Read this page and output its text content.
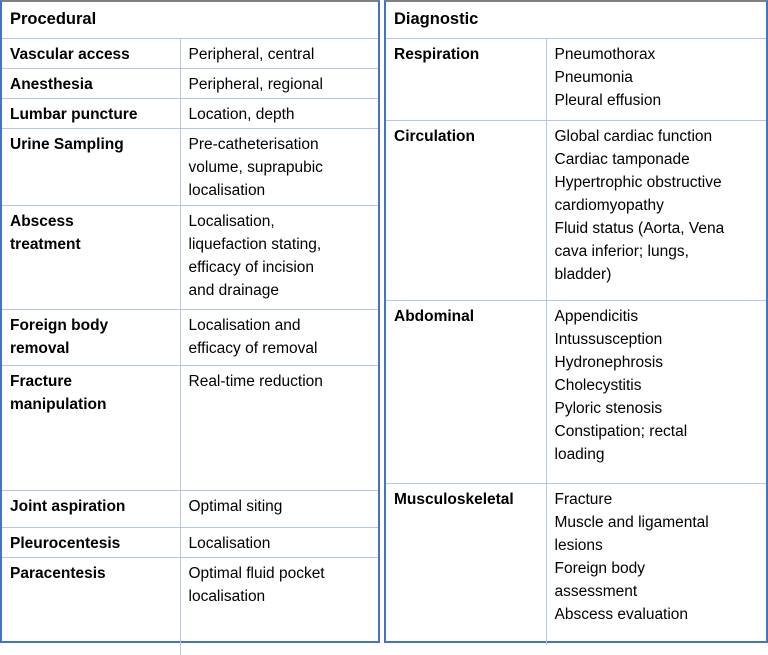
Procedural	
Vascular access	Peripheral, central

Anesthesia	Peripheral, regional

Lumbar puncture	Location, depth

Urine Sampling	Pre-catheterisation
volume, suprapubic
localisation

Abscess
treatment	Localisation,
liquefaction stating,
efficacy of incision
and drainage

Foreign body
removal	Localisation and
efficacy of removal

Fracture
manipulation	Real-time reduction

Joint aspiration	Optimal siting

Pleurocentesis	Localisation

Paracentesis	Optimal fluid pocket
localisation
Diagnostic	
Respiration	Pneumothorax
Pneumonia
Pleural effusion

Circulation	Global cardiac function
Cardiac tamponade
Hypertrophic obstructive
cardiomyopathy
Fluid status (Aorta, Vena
cava inferior; lungs,
bladder)

Abdominal	Appendicitis
Intussusception
Hydronephrosis
Cholecystitis
Pyloric stenosis
Constipation; rectal
loading

Musculoskeletal	Fracture
Muscle and ligamental
lesions
Foreign body
assessment
Abscess evaluation
